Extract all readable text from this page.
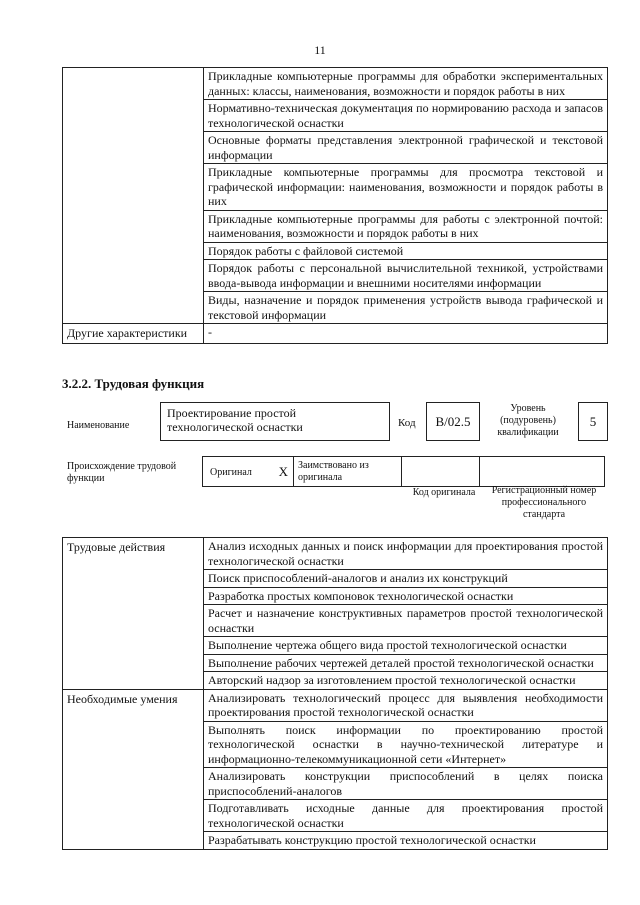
11
	Прикладные компьютерные программы для обработки экспериментальных данных: классы, наименования, возможности и порядок работы в них
	Нормативно-техническая документация по нормированию расхода и запасов технологической оснастки
	Основные форматы представления электронной графической и текстовой информации
	Прикладные компьютерные программы для просмотра текстовой и графической информации: наименования, возможности и порядок работы в них
	Прикладные компьютерные программы для работы с электронной почтой: наименования, возможности и порядок работы в них
	Порядок работы с файловой системой
	Порядок работы с персональной вычислительной техникой, устройствами ввода-вывода информации и внешними носителями информации
	Виды, назначение и порядок применения устройств вывода графической и текстовой информации
Другие характеристики	-
3.2.2. Трудовая функция
Наименование
Проектирование простой технологической оснастки	Код	B/02.5
Уровень (подуровень) квалификации
5
Происхождение трудовой функции
Оригинал X Заимствовано из оригинала
Код оригинала	Регистрационный номер профессионального стандарта
Трудовые действия	Анализ исходных данных и поиск информации для проектирования простой технологической оснастки
	Поиск приспособлений-аналогов и анализ их конструкций
	Разработка простых компоновок технологической оснастки
	Расчет и назначение конструктивных параметров простой технологической оснастки
	Выполнение чертежа общего вида простой технологической оснастки
	Выполнение рабочих чертежей деталей простой технологической оснастки
	Авторский надзор за изготовлением простой технологической оснастки
Необходимые умения	Анализировать технологический процесс для выявления необходимости проектирования простой технологической оснастки
	Выполнять поиск информации по проектированию простой технологической оснастки в научно-технической литературе и информационно-телекоммуникационной сети «Интернет»
	Анализировать конструкции приспособлений в целях поиска приспособлений-аналогов
	Подготавливать исходные данные для проектирования простой технологической оснастки
	Разрабатывать конструкцию простой технологической оснастки
